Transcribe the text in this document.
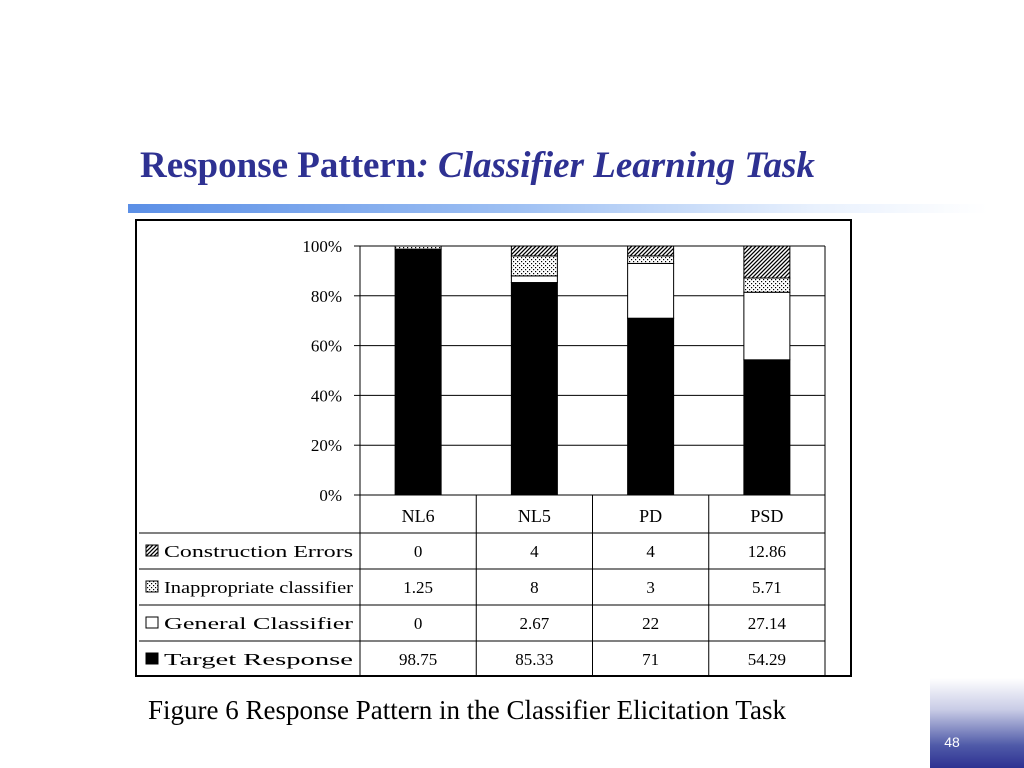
Response Pattern: Classifier Learning Task
0%
20%
40%
60%
80%
100%
NL6	NL5	PD	PSD
Construction Errors	0	4	4	12.86
Inappropriate classifier	1.25	8	3	5.71
General Classifier	0	2.67	22	27.14
Target Response	98.75	85.33	71	54.29
Figure 6 Response Pattern in the Classifier Elicitation Task
48
